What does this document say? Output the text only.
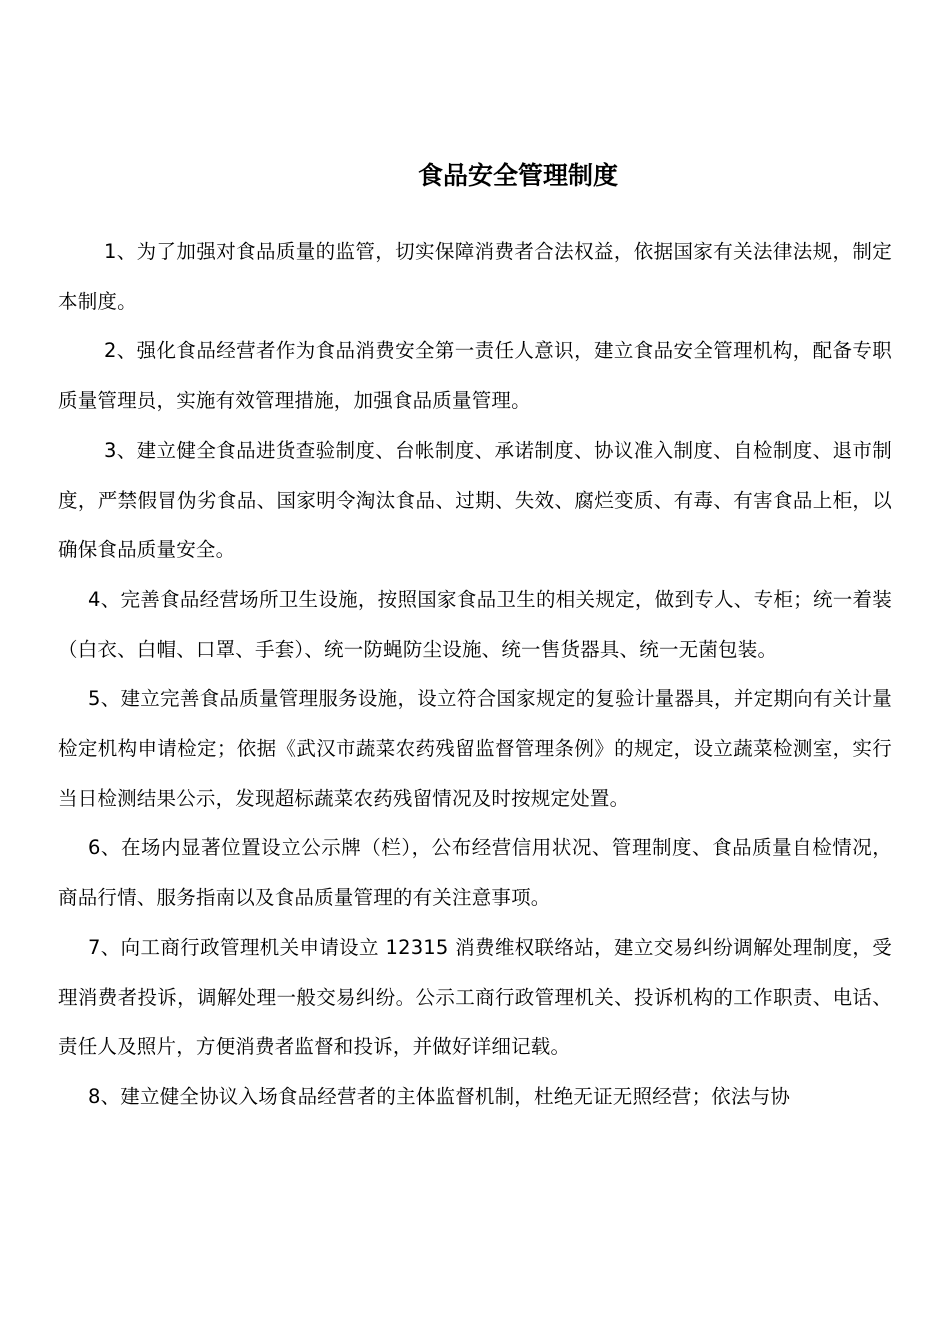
食品安全管理制度

1、为了加强对食品质量的监管，切实保障消费者合法权益，依据国家有关法律法规，制定本制度。

2、强化食品经营者作为食品消费安全第一责任人意识，建立食品安全管理机构，配备专职质量管理员，实施有效管理措施，加强食品质量管理。

3、建立健全食品进货查验制度、台帐制度、承诺制度、协议准入制度、自检制度、退市制度，严禁假冒伪劣食品、国家明令淘汰食品、过期、失效、腐烂变质、有毒、有害食品上柜，以确保食品质量安全。

4、完善食品经营场所卫生设施，按照国家食品卫生的相关规定，做到专人、专柜；统一着装（白衣、白帽、口罩、手套）、统一防蝇防尘设施、统一售货器具、统一无菌包装。

5、建立完善食品质量管理服务设施，设立符合国家规定的复验计量器具，并定期向有关计量检定机构申请检定；依据《武汉市蔬菜农药残留监督管理条例》的规定，设立蔬菜检测室，实行当日检测结果公示，发现超标蔬菜农药残留情况及时按规定处置。

6、在场内显著位置设立公示牌（栏），公布经营信用状况、管理制度、食品质量自检情况，商品行情、服务指南以及食品质量管理的有关注意事项。

7、向工商行政管理机关申请设立 12315 消费维权联络站，建立交易纠纷调解处理制度，受理消费者投诉，调解处理一般交易纠纷。公示工商行政管理机关、投诉机构的工作职责、电话、责任人及照片，方便消费者监督和投诉，并做好详细记载。

8、建立健全协议入场食品经营者的主体监督机制，杜绝无证无照经营；依法与协
